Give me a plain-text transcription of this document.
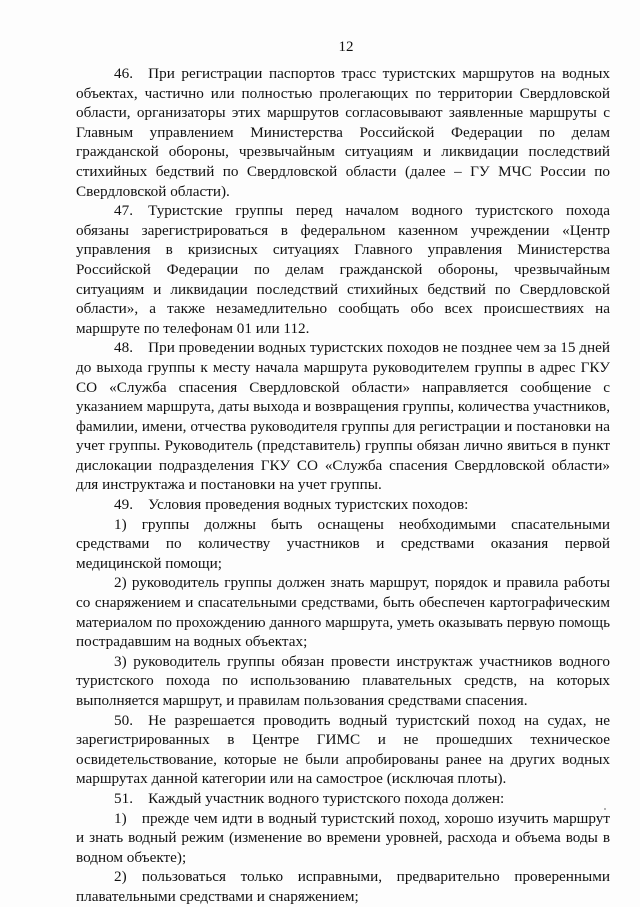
12

46. При регистрации паспортов трасс туристских маршрутов на водных объектах, частично или полностью пролегающих по территории Свердловской области, организаторы этих маршрутов согласовывают заявленные маршруты с Главным управлением Министерства Российской Федерации по делам гражданской обороны, чрезвычайным ситуациям и ликвидации последствий стихийных бедствий по Свердловской области (далее – ГУ МЧС России по Свердловской области).

47. Туристские группы перед началом водного туристского похода обязаны зарегистрироваться в федеральном казенном учреждении «Центр управления в кризисных ситуациях Главного управления Министерства Российской Федерации по делам гражданской обороны, чрезвычайным ситуациям и ликвидации последствий стихийных бедствий по Свердловской области», а также незамедлительно сообщать обо всех происшествиях на маршруте по телефонам 01 или 112.

48. При проведении водных туристских походов не позднее чем за 15 дней до выхода группы к месту начала маршрута руководителем группы в адрес ГКУ СО «Служба спасения Свердловской области» направляется сообщение с указанием маршрута, даты выхода и возвращения группы, количества участников, фамилии, имени, отчества руководителя группы для регистрации и постановки на учет группы. Руководитель (представитель) группы обязан лично явиться в пункт дислокации подразделения ГКУ СО «Служба спасения Свердловской области» для инструктажа и постановки на учет группы.

49. Условия проведения водных туристских походов:

1) группы должны быть оснащены необходимыми спасательными средствами по количеству участников и средствами оказания первой медицинской помощи;

2) руководитель группы должен знать маршрут, порядок и правила работы со снаряжением и спасательными средствами, быть обеспечен картографическим материалом по прохождению данного маршрута, уметь оказывать первую помощь пострадавшим на водных объектах;

3) руководитель группы обязан провести инструктаж участников водного туристского похода по использованию плавательных средств, на которых выполняется маршрут, и правилам пользования средствами спасения.

50. Не разрешается проводить водный туристский поход на судах, не зарегистрированных в Центре ГИМС и не прошедших техническое освидетельствование, которые не были апробированы ранее на других водных маршрутах данной категории или на самострое (исключая плоты).

51. Каждый участник водного туристского похода должен:

1) прежде чем идти в водный туристский поход, хорошо изучить маршрут и знать водный режим (изменение во времени уровней, расхода и объема воды в водном объекте);

2) пользоваться только исправными, предварительно проверенными плавательными средствами и снаряжением;
